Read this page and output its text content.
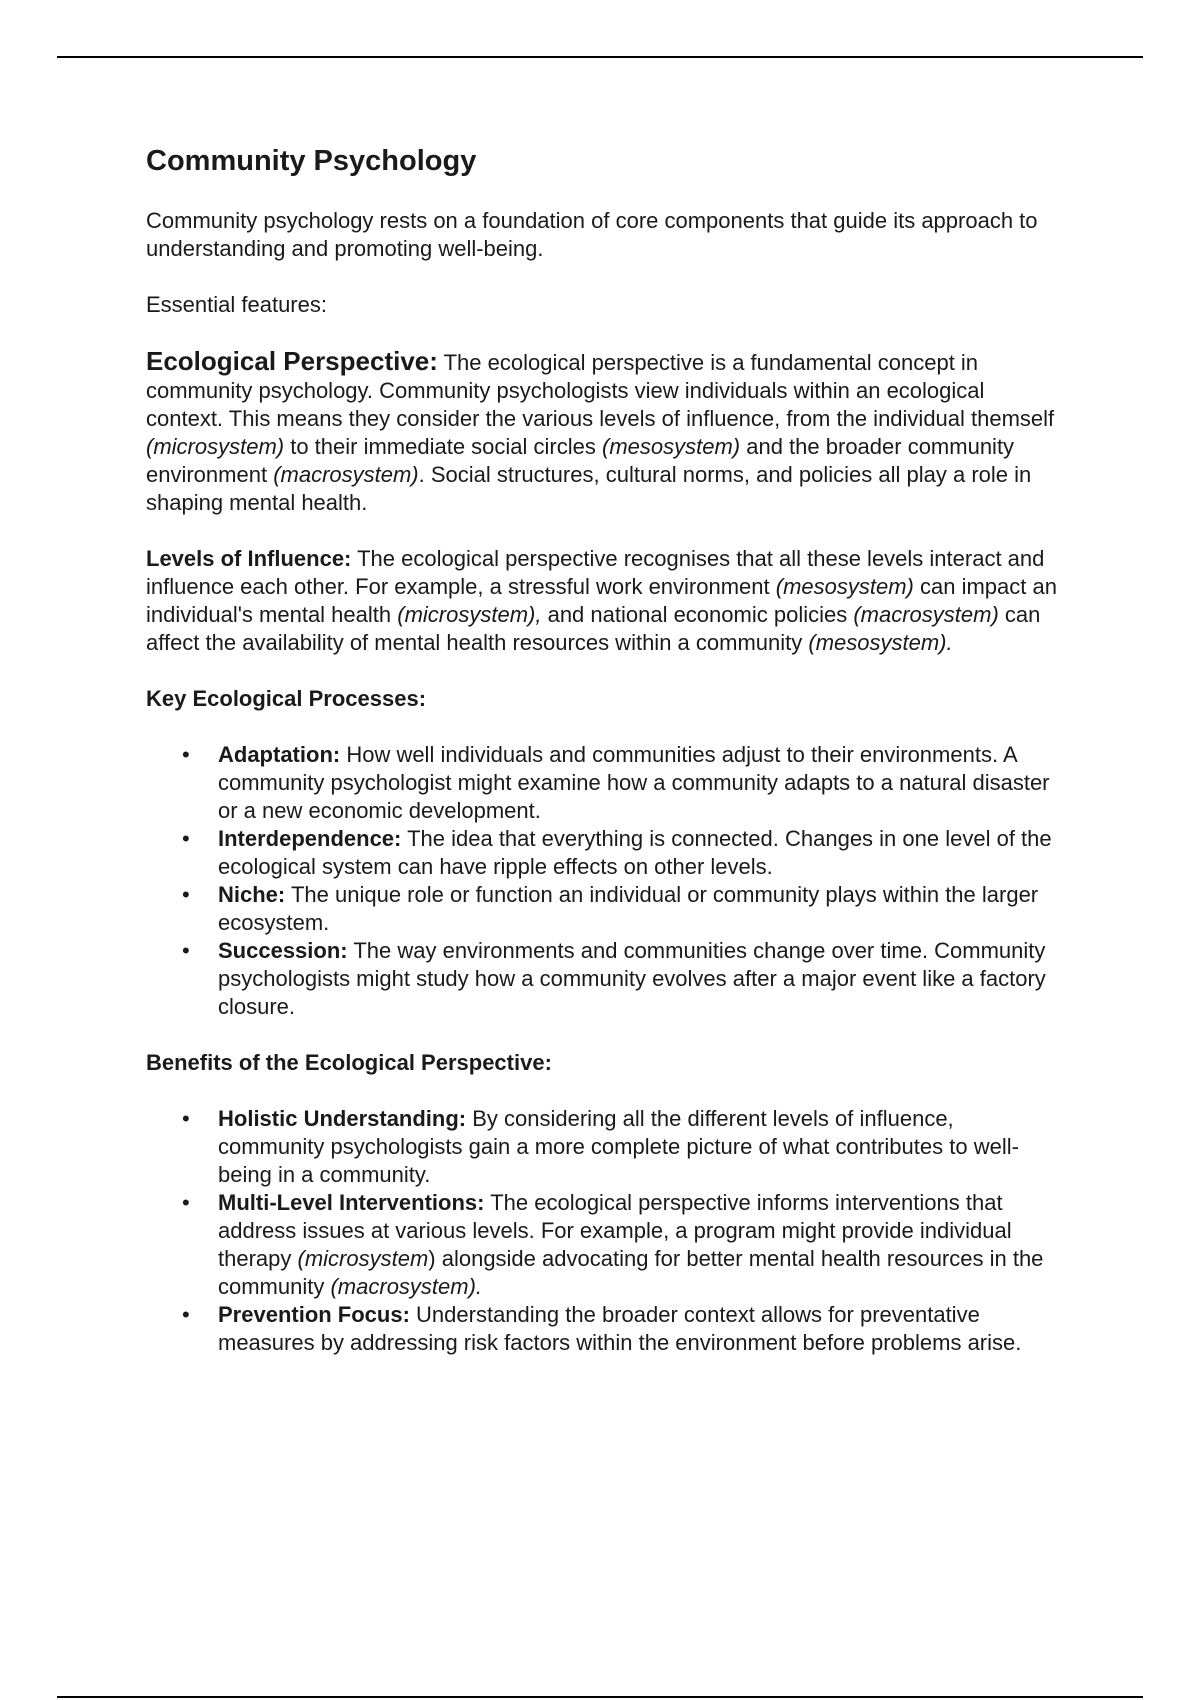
Community Psychology

Community psychology rests on a foundation of core components that guide its approach to understanding and promoting well-being.

Essential features:

Ecological Perspective: The ecological perspective is a fundamental concept in community psychology. Community psychologists view individuals within an ecological context. This means they consider the various levels of influence, from the individual themself (microsystem) to their immediate social circles (mesosystem) and the broader community environment (macrosystem). Social structures, cultural norms, and policies all play a role in shaping mental health.

Levels of Influence: The ecological perspective recognises that all these levels interact and influence each other. For example, a stressful work environment (mesosystem) can impact an individual's mental health (microsystem), and national economic policies (macrosystem) can affect the availability of mental health resources within a community (mesosystem).

Key Ecological Processes:

• Adaptation: How well individuals and communities adjust to their environments. A community psychologist might examine how a community adapts to a natural disaster or a new economic development.
• Interdependence: The idea that everything is connected. Changes in one level of the ecological system can have ripple effects on other levels.
• Niche: The unique role or function an individual or community plays within the larger ecosystem.
• Succession: The way environments and communities change over time. Community psychologists might study how a community evolves after a major event like a factory closure.

Benefits of the Ecological Perspective:

• Holistic Understanding: By considering all the different levels of influence, community psychologists gain a more complete picture of what contributes to well-being in a community.
• Multi-Level Interventions: The ecological perspective informs interventions that address issues at various levels. For example, a program might provide individual therapy (microsystem) alongside advocating for better mental health resources in the community (macrosystem).
• Prevention Focus: Understanding the broader context allows for preventative measures by addressing risk factors within the environment before problems arise.
